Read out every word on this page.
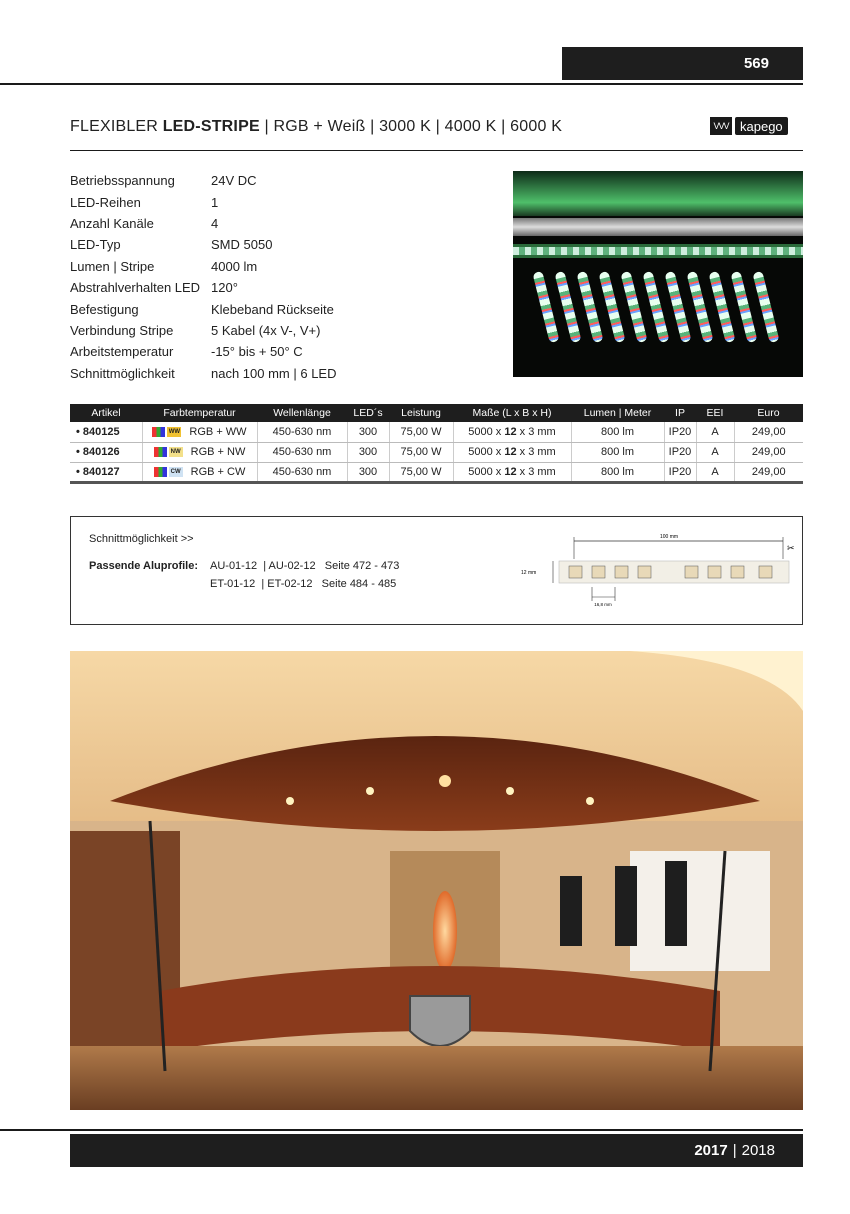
569
FLEXIBLER LED-STRIPE | RGB + Weiß | 3000 K | 4000 K | 6000 K	VVV kapego
Betriebsspannung	24V DC
LED-Reihen	1
Anzahl Kanäle	4
LED-Typ	SMD 5050
Lumen | Stripe	4000 lm
Abstrahlverhalten LED 120°
Befestigung	Klebeband Rückseite
Verbindung Stripe	5 Kabel (4x V-, V+)
Arbeitstemperatur	-15° bis + 50° C
Schnittmöglichkeit	nach 100 mm | 6 LED
Artikel	Farbtemperatur	Wellenlänge	LED´s	Leistung	Maße (L x B x H)	Lumen | Meter	IP	EEI	Euro
• 840125	WW RGB + WW	450-630 nm	300	75,00 W	5000 x 12 x 3 mm	800 lm	IP20	A	249,00
• 840126	NW RGB + NW	450-630 nm	300	75,00 W	5000 x 12 x 3 mm	800 lm	IP20	A	249,00
• 840127	CW RGB + CW	450-630 nm	300	75,00 W	5000 x 12 x 3 mm	800 lm	IP20	A	249,00
Schnittmöglichkeit >>
Passende Aluprofile: AU-01-12  | AU-02-12   Seite 472 - 473
ET-01-12  | ET-02-12   Seite 484 - 485
100 mm
✂
12 mm
16,8 mm
2017 | 2018
